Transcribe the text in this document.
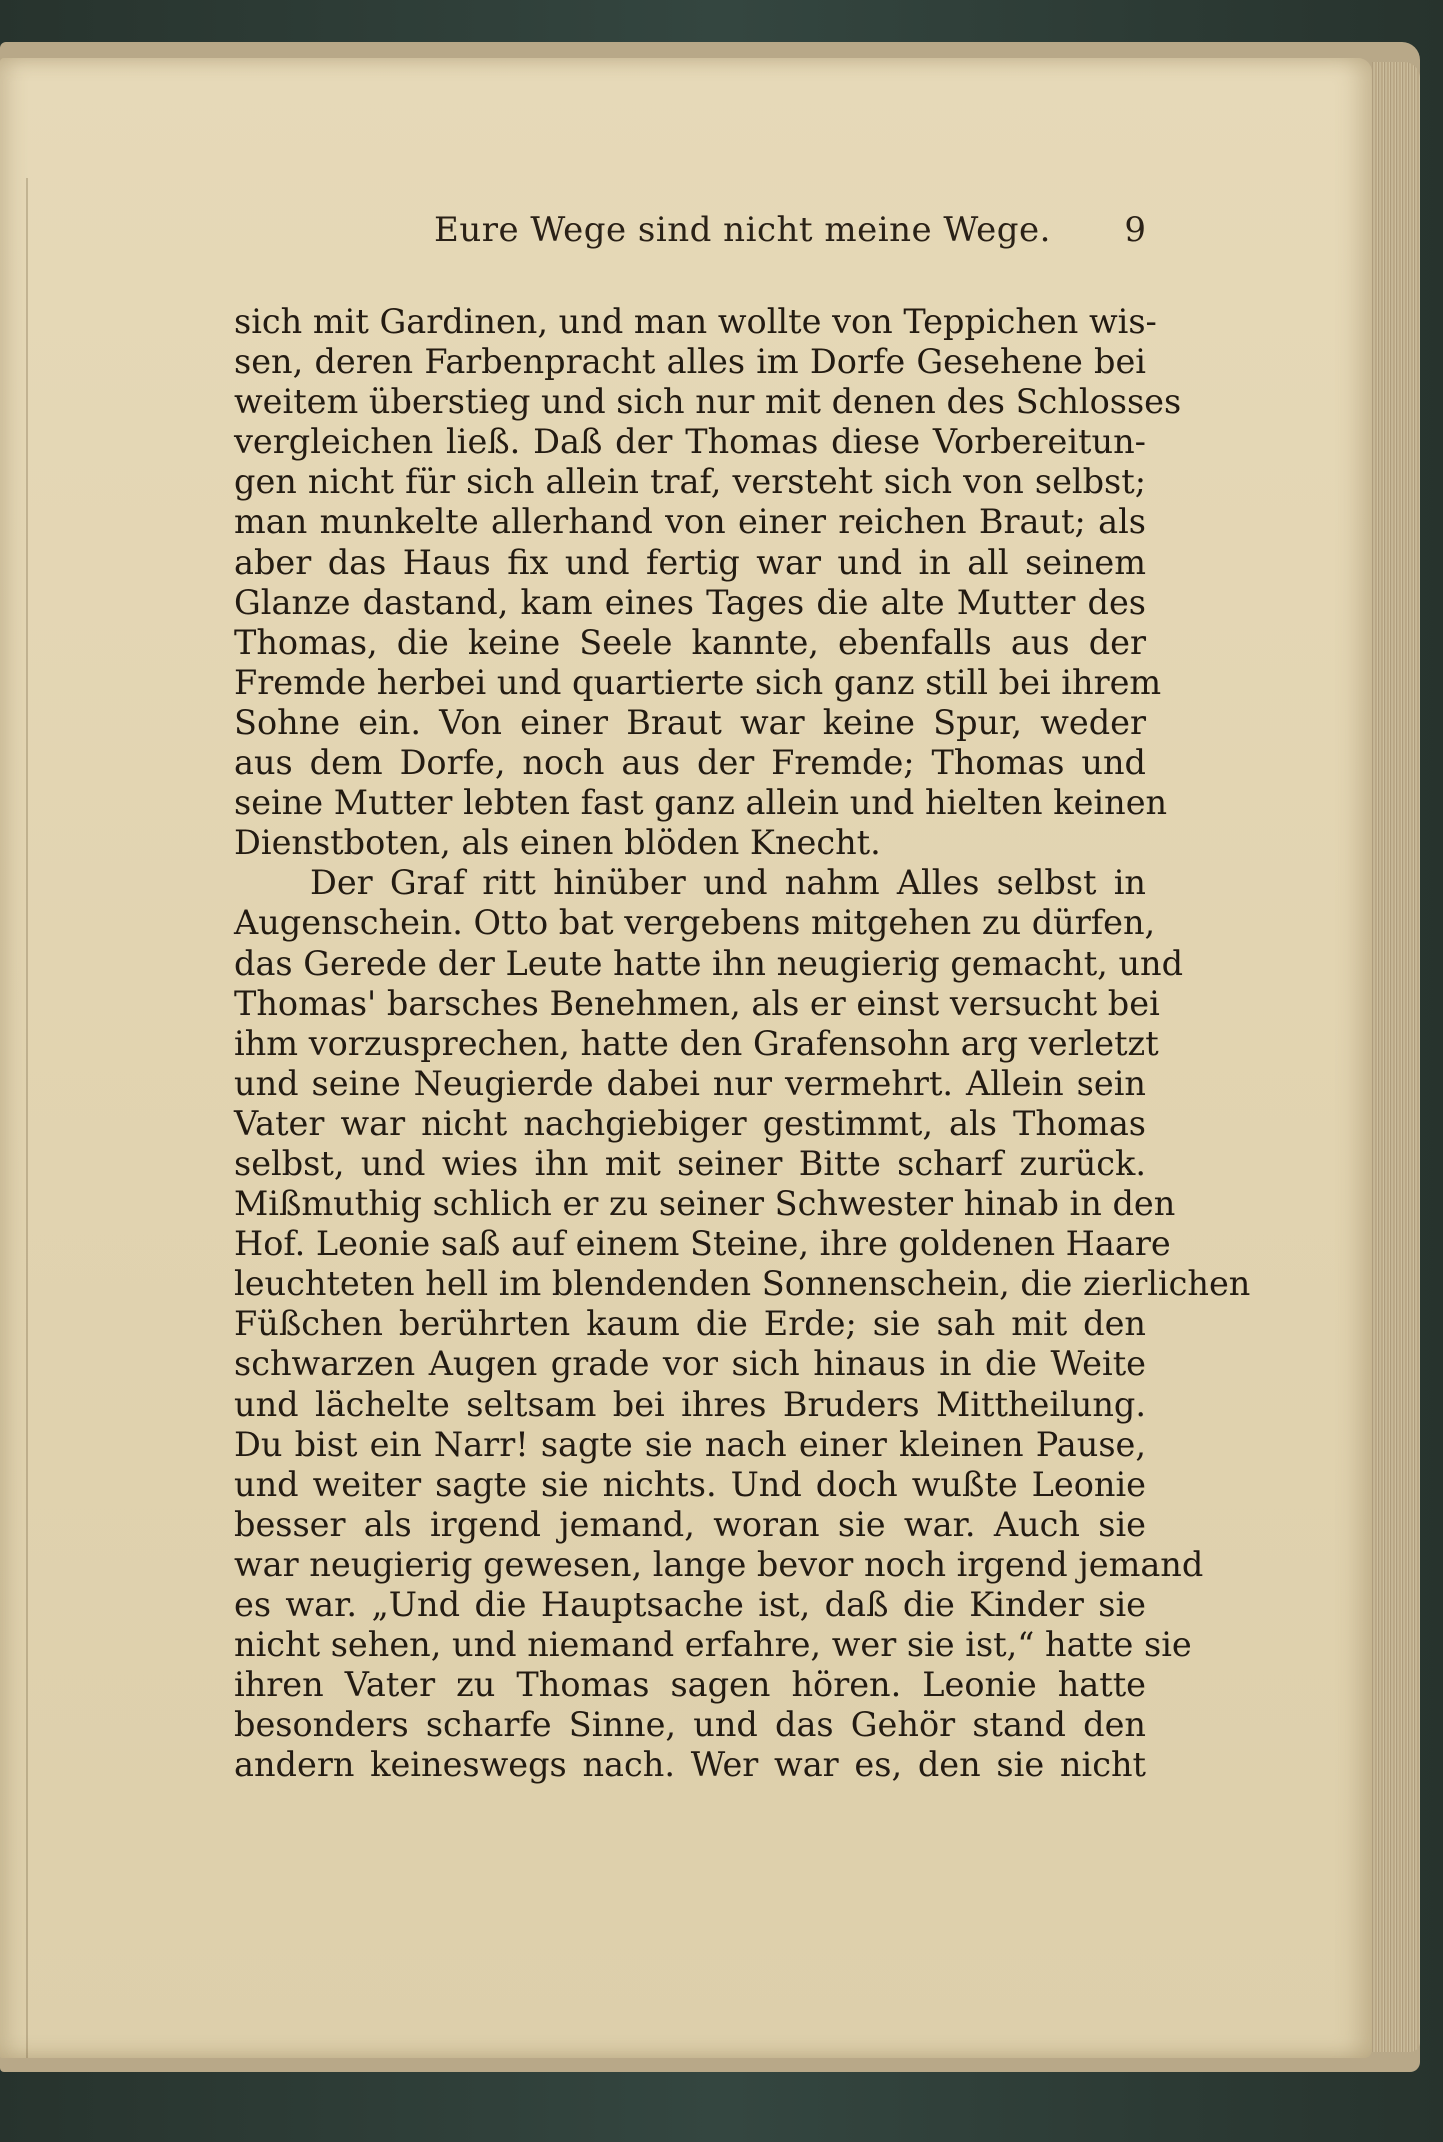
Eure Wege sind nicht meine Wege. 9
sich mit Gardinen, und man wollte von Teppichen wis-
sen, deren Farbenpracht alles im Dorfe Gesehene bei
weitem überstieg und sich nur mit denen des Schlosses
vergleichen ließ. Daß der Thomas diese Vorbereitun-
gen nicht für sich allein traf, versteht sich von selbst;
man munkelte allerhand von einer reichen Braut; als
aber das Haus fix und fertig war und in all seinem
Glanze dastand, kam eines Tages die alte Mutter des
Thomas, die keine Seele kannte, ebenfalls aus der
Fremde herbei und quartierte sich ganz still bei ihrem
Sohne ein. Von einer Braut war keine Spur, weder
aus dem Dorfe, noch aus der Fremde; Thomas und
seine Mutter lebten fast ganz allein und hielten keinen
Dienstboten, als einen blöden Knecht.
Der Graf ritt hinüber und nahm Alles selbst in
Augenschein. Otto bat vergebens mitgehen zu dürfen,
das Gerede der Leute hatte ihn neugierig gemacht, und
Thomas' barsches Benehmen, als er einst versucht bei
ihm vorzusprechen, hatte den Grafensohn arg verletzt
und seine Neugierde dabei nur vermehrt. Allein sein
Vater war nicht nachgiebiger gestimmt, als Thomas
selbst, und wies ihn mit seiner Bitte scharf zurück.
Mißmuthig schlich er zu seiner Schwester hinab in den
Hof. Leonie saß auf einem Steine, ihre goldenen Haare
leuchteten hell im blendenden Sonnenschein, die zierlichen
Füßchen berührten kaum die Erde; sie sah mit den
schwarzen Augen grade vor sich hinaus in die Weite
und lächelte seltsam bei ihres Bruders Mittheilung.
Du bist ein Narr! sagte sie nach einer kleinen Pause,
und weiter sagte sie nichts. Und doch wußte Leonie
besser als irgend jemand, woran sie war. Auch sie
war neugierig gewesen, lange bevor noch irgend jemand
es war. „Und die Hauptsache ist, daß die Kinder sie
nicht sehen, und niemand erfahre, wer sie ist,“ hatte sie
ihren Vater zu Thomas sagen hören. Leonie hatte
besonders scharfe Sinne, und das Gehör stand den
andern keineswegs nach. Wer war es, den sie nicht
